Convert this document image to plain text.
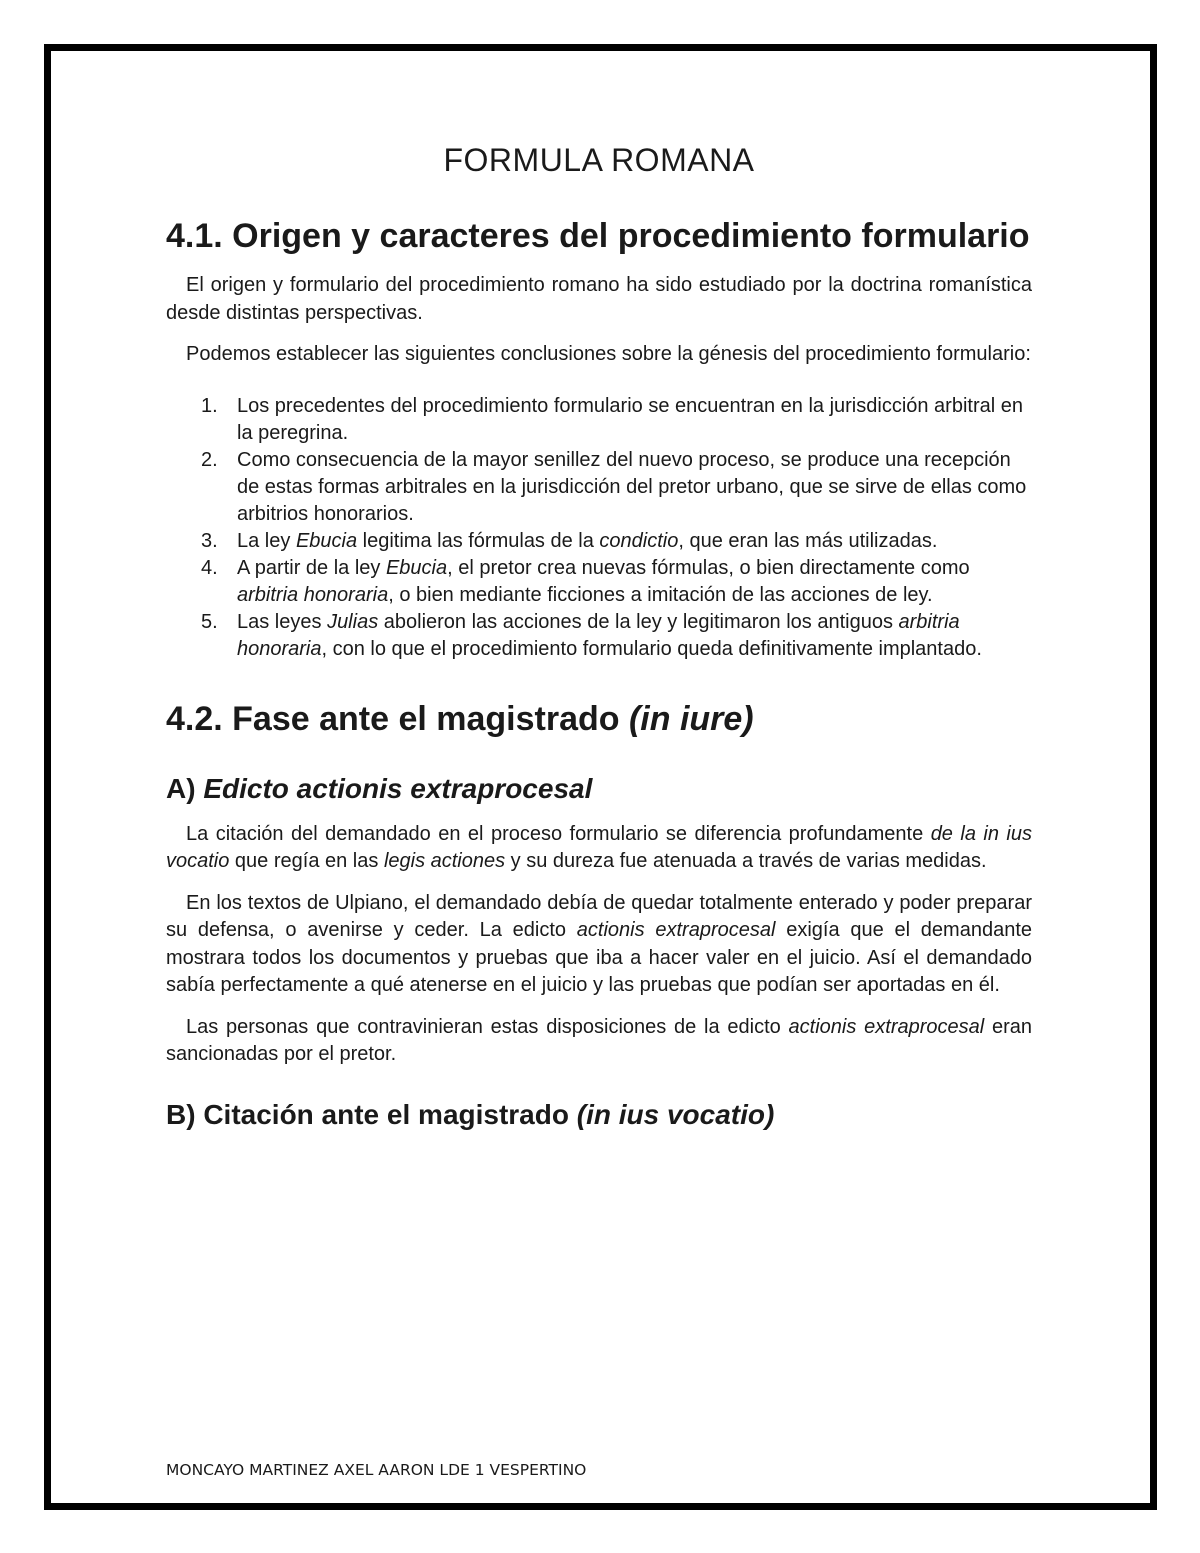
FORMULA ROMANA
4.1. Origen y caracteres del procedimiento formulario

El origen y formulario del procedimiento romano ha sido estudiado por la doctrina romanística desde distintas perspectivas.

Podemos establecer las siguientes conclusiones sobre la génesis del procedimiento formulario:

1. Los precedentes del procedimiento formulario se encuentran en la jurisdicción arbitral en la peregrina.
2. Como consecuencia de la mayor senillez del nuevo proceso, se produce una recepción de estas formas arbitrales en la jurisdicción del pretor urbano, que se sirve de ellas como arbitrios honorarios.
3. La ley Ebucia legitima las fórmulas de la condictio, que eran las más utilizadas.
4. A partir de la ley Ebucia, el pretor crea nuevas fórmulas, o bien directamente como arbitria honoraria, o bien mediante ficciones a imitación de las acciones de ley.
5. Las leyes Julias abolieron las acciones de la ley y legitimaron los antiguos arbitria honoraria, con lo que el procedimiento formulario queda definitivamente implantado.
4.2. Fase ante el magistrado (in iure)
A) Edicto actionis extraprocesal

La citación del demandado en el proceso formulario se diferencia profundamente de la in ius vocatio que regía en las legis actiones y su dureza fue atenuada a través de varias medidas.

En los textos de Ulpiano, el demandado debía de quedar totalmente enterado y poder preparar su defensa, o avenirse y ceder. La edicto actionis extraprocesal exigía que el demandante mostrara todos los documentos y pruebas que iba a hacer valer en el juicio. Así el demandado sabía perfectamente a qué atenerse en el juicio y las pruebas que podían ser aportadas en él.

Las personas que contravinieran estas disposiciones de la edicto actionis extraprocesal eran sancionadas por el pretor.

B) Citación ante el magistrado (in ius vocatio)
MONCAYO MARTINEZ AXEL AARON LDE 1 VESPERTINO
